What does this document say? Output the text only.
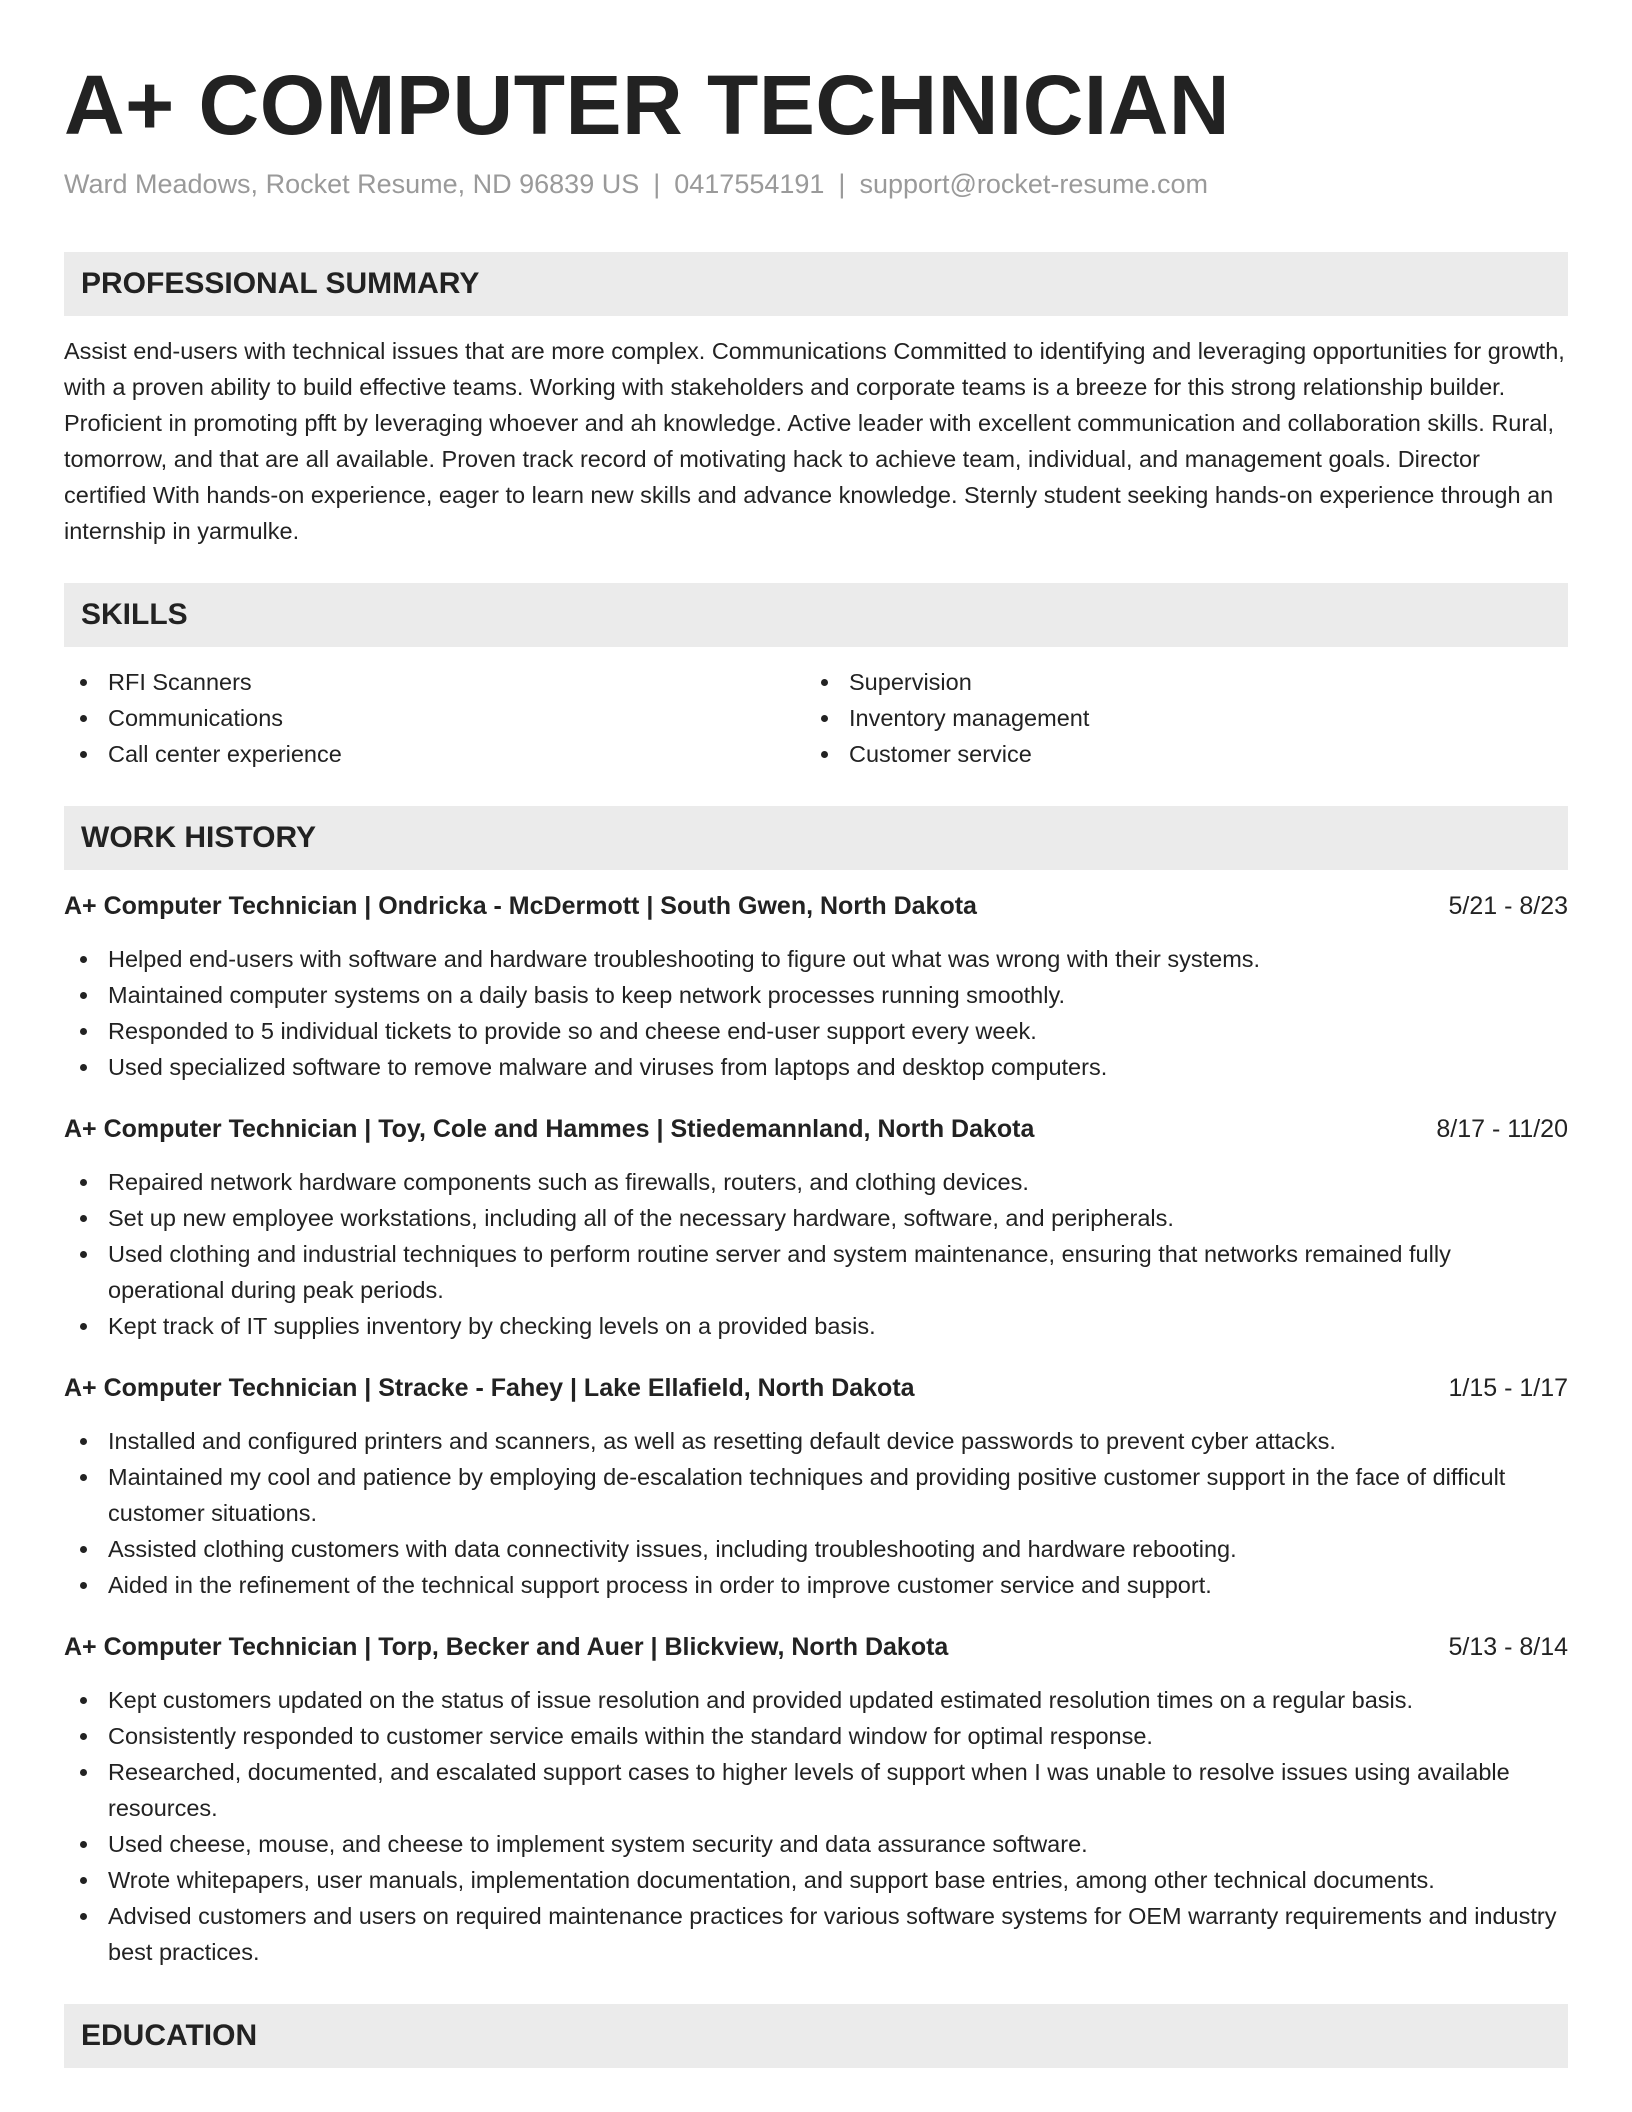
A+ COMPUTER TECHNICIAN
Ward Meadows, Rocket Resume, ND 96839 US | 0417554191 | support@rocket-resume.com
PROFESSIONAL SUMMARY

Assist end-users with technical issues that are more complex. Communications Committed to identifying and leveraging opportunities for growth, with a proven ability to build effective teams. Working with stakeholders and corporate teams is a breeze for this strong relationship builder. Proficient in promoting pfft by leveraging whoever and ah knowledge. Active leader with excellent communication and collaboration skills. Rural, tomorrow, and that are all available. Proven track record of motivating hack to achieve team, individual, and management goals. Director certified With hands-on experience, eager to learn new skills and advance knowledge. Sternly student seeking hands-on experience through an internship in yarmulke.

SKILLS
RFI Scanners
Communications
Call center experience
Supervision
Inventory management
Customer service
WORK HISTORY
A+ Computer Technician | Ondricka - McDermott | South Gwen, North Dakota	5/21 - 8/23
Helped end-users with software and hardware troubleshooting to figure out what was wrong with their systems.
Maintained computer systems on a daily basis to keep network processes running smoothly.
Responded to 5 individual tickets to provide so and cheese end-user support every week.
Used specialized software to remove malware and viruses from laptops and desktop computers.
A+ Computer Technician | Toy, Cole and Hammes | Stiedemannland, North Dakota	8/17 - 11/20
Repaired network hardware components such as firewalls, routers, and clothing devices.
Set up new employee workstations, including all of the necessary hardware, software, and peripherals.
Used clothing and industrial techniques to perform routine server and system maintenance, ensuring that networks remained fully operational during peak periods.
Kept track of IT supplies inventory by checking levels on a provided basis.
A+ Computer Technician | Stracke - Fahey | Lake Ellafield, North Dakota	1/15 - 1/17
Installed and configured printers and scanners, as well as resetting default device passwords to prevent cyber attacks.
Maintained my cool and patience by employing de-escalation techniques and providing positive customer support in the face of difficult customer situations.
Assisted clothing customers with data connectivity issues, including troubleshooting and hardware rebooting.
Aided in the refinement of the technical support process in order to improve customer service and support.
A+ Computer Technician | Torp, Becker and Auer | Blickview, North Dakota	5/13 - 8/14
Kept customers updated on the status of issue resolution and provided updated estimated resolution times on a regular basis.
Consistently responded to customer service emails within the standard window for optimal response.
Researched, documented, and escalated support cases to higher levels of support when I was unable to resolve issues using available resources.
Used cheese, mouse, and cheese to implement system security and data assurance software.
Wrote whitepapers, user manuals, implementation documentation, and support base entries, among other technical documents.
Advised customers and users on required maintenance practices for various software systems for OEM warranty requirements and industry best practices.
EDUCATION
